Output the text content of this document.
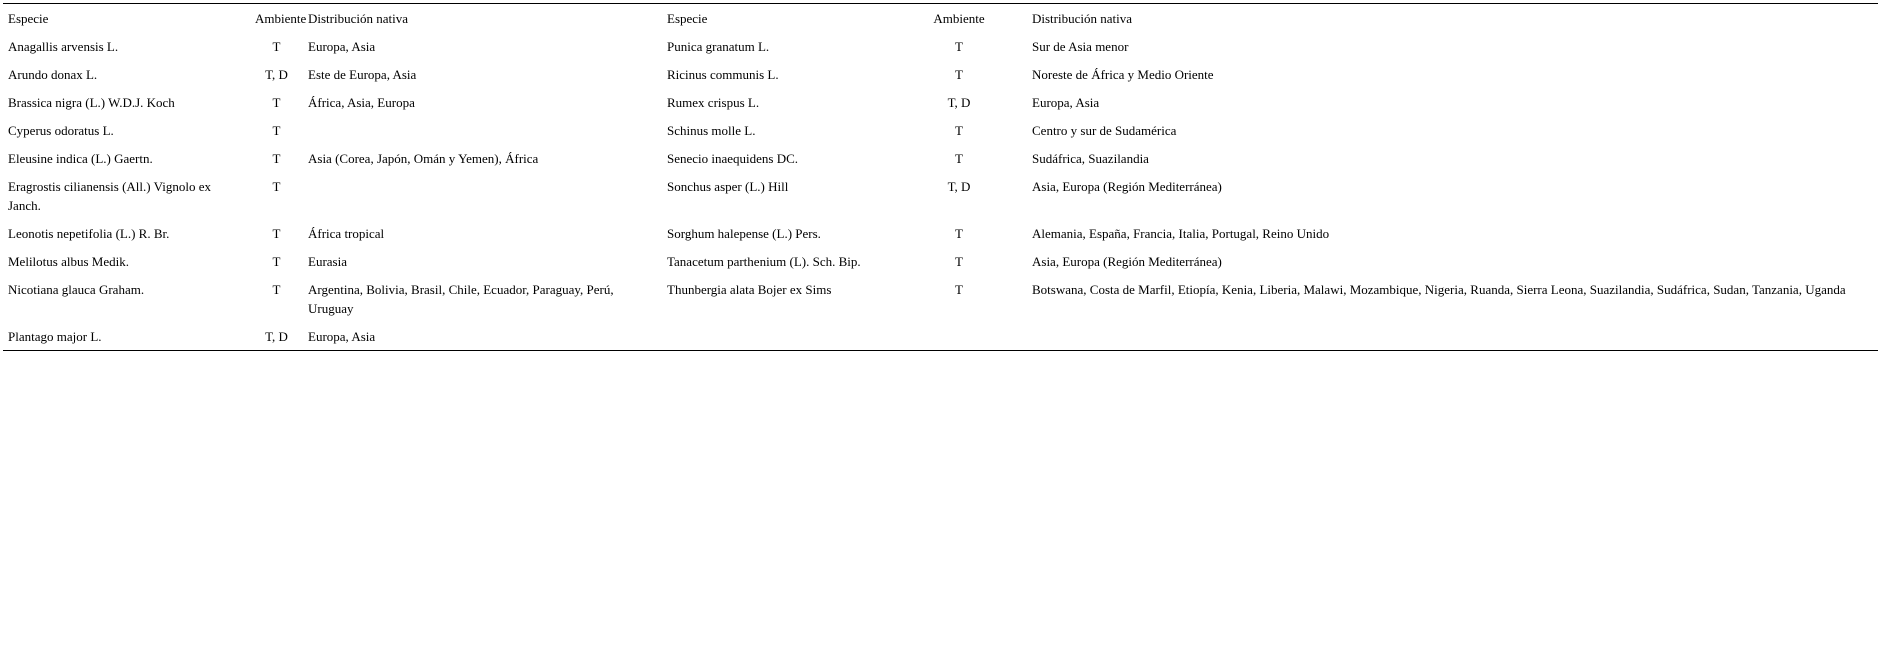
Especie	Ambiente	Distribución nativa	Especie	Ambiente	Distribución nativa
Anagallis arvensis L.	T	Europa, Asia	Punica granatum L.	T	Sur de Asia menor
Arundo donax L.	T, D	Este de Europa, Asia	Ricinus communis L.	T	Noreste de África y Medio Oriente
Brassica nigra (L.) W.D.J. Koch	T	África, Asia, Europa	Rumex crispus L.	T, D	Europa, Asia
Cyperus odoratus L.	T		Schinus molle L.	T	Centro y sur de Sudamérica
Eleusine indica (L.) Gaertn.	T	Asia (Corea, Japón, Omán y Yemen), África	Senecio inaequidens DC.	T	Sudáfrica, Suazilandia
Eragrostis cilianensis (All.) Vignolo ex Janch.	T		Sonchus asper (L.) Hill	T, D	Asia, Europa (Región Mediterránea)
Leonotis nepetifolia (L.) R. Br.	T	África tropical	Sorghum halepense (L.) Pers.	T	Alemania, España, Francia, Italia, Portugal, Reino Unido
Melilotus albus Medik.	T	Eurasia	Tanacetum parthenium (L). Sch. Bip.	T	Asia, Europa (Región Mediterránea)
Nicotiana glauca Graham.	T	Argentina, Bolivia, Brasil, Chile, Ecuador, Paraguay, Perú, Uruguay	Thunbergia alata Bojer ex Sims	T	Botswana, Costa de Marfil, Etiopía, Kenia, Liberia, Malawi, Mozambique, Nigeria, Ruanda, Sierra Leona, Suazilandia, Sudáfrica, Sudan, Tanzania, Uganda
Plantago major L.	T, D	Europa, Asia			
